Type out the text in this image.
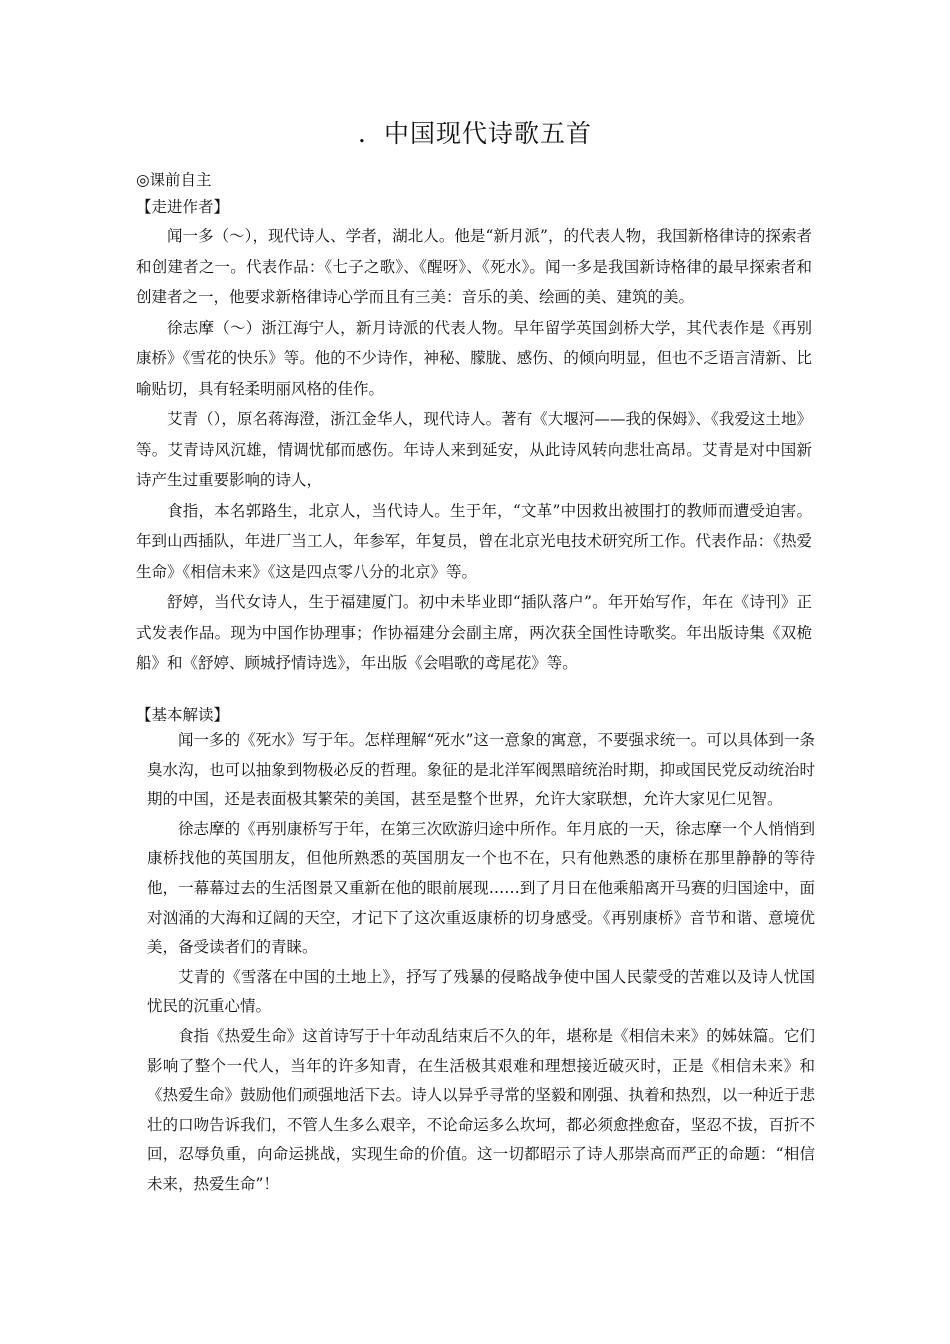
．中国现代诗歌五首
◎课前自主
【走进作者】

闻一多（～），现代诗人、学者，湖北人。他是“新月派”，的代表人物，我国新格律诗的探索者和创建者之一。代表作品：《七子之歌》、《醒呀》、《死水》。闻一多是我国新诗格律的最早探索者和创建者之一，他要求新格律诗心学而且有三美：音乐的美、绘画的美、建筑的美。

徐志摩（～）浙江海宁人，新月诗派的代表人物。早年留学英国剑桥大学，其代表作是《再别康桥》《雪花的快乐》等。他的不少诗作，神秘、朦胧、感伤、的倾向明显，但也不乏语言清新、比喻贴切，具有轻柔明丽风格的佳作。

艾青（），原名蒋海澄，浙江金华人，现代诗人。著有《大堰河——我的保姆》、《我爱这土地》等。艾青诗风沉雄，情调忧郁而感伤。年诗人来到延安，从此诗风转向悲壮高昂。艾青是对中国新诗产生过重要影响的诗人，

食指，本名郭路生，北京人，当代诗人。生于年，“文革”中因救出被围打的教师而遭受迫害。年到山西插队，年进厂当工人，年参军，年复员，曾在北京光电技术研究所工作。代表作品：《热爱生命》《相信未来》《这是四点零八分的北京》等。

舒婷，当代女诗人，生于福建厦门。初中未毕业即“插队落户”。年开始写作，年在《诗刊》正式发表作品。现为中国作协理事；作协福建分会副主席，两次获全国性诗歌奖。年出版诗集《双桅船》和《舒婷、顾城抒情诗选》，年出版《会唱歌的鸢尾花》等。

【基本解读】

闻一多的《死水》写于年。怎样理解“死水”这一意象的寓意，不要强求统一。可以具体到一条臭水沟，也可以抽象到物极必反的哲理。象征的是北洋军阀黑暗统治时期，抑或国民党反动统治时期的中国，还是表面极其繁荣的美国，甚至是整个世界，允许大家联想，允许大家见仁见智。

徐志摩的《再别康桥写于年，在第三次欧游归途中所作。年月底的一天，徐志摩一个人悄悄到康桥找他的英国朋友，但他所熟悉的英国朋友一个也不在，只有他熟悉的康桥在那里静静的等待他，一幕幕过去的生活图景又重新在他的眼前展现……到了月日在他乘船离开马赛的归国途中，面对汹涌的大海和辽阔的天空，才记下了这次重返康桥的切身感受。《再别康桥》音节和谐、意境优美，备受读者们的青睐。

艾青的《雪落在中国的土地上》，抒写了残暴的侵略战争使中国人民蒙受的苦难以及诗人忧国忧民的沉重心情。

食指《热爱生命》这首诗写于十年动乱结束后不久的年，堪称是《相信未来》的姊妹篇。它们影响了整个一代人，当年的许多知青，在生活极其艰难和理想接近破灭时，正是《相信未来》和《热爱生命》鼓励他们顽强地活下去。诗人以异乎寻常的坚毅和刚强、执着和热烈，以一种近于悲壮的口吻告诉我们，不管人生多么艰辛，不论命运多么坎坷，都必须愈挫愈奋，坚忍不拔，百折不回，忍辱负重，向命运挑战，实现生命的价值。这一切都昭示了诗人那崇高而严正的命题：“相信未来，热爱生命”！
